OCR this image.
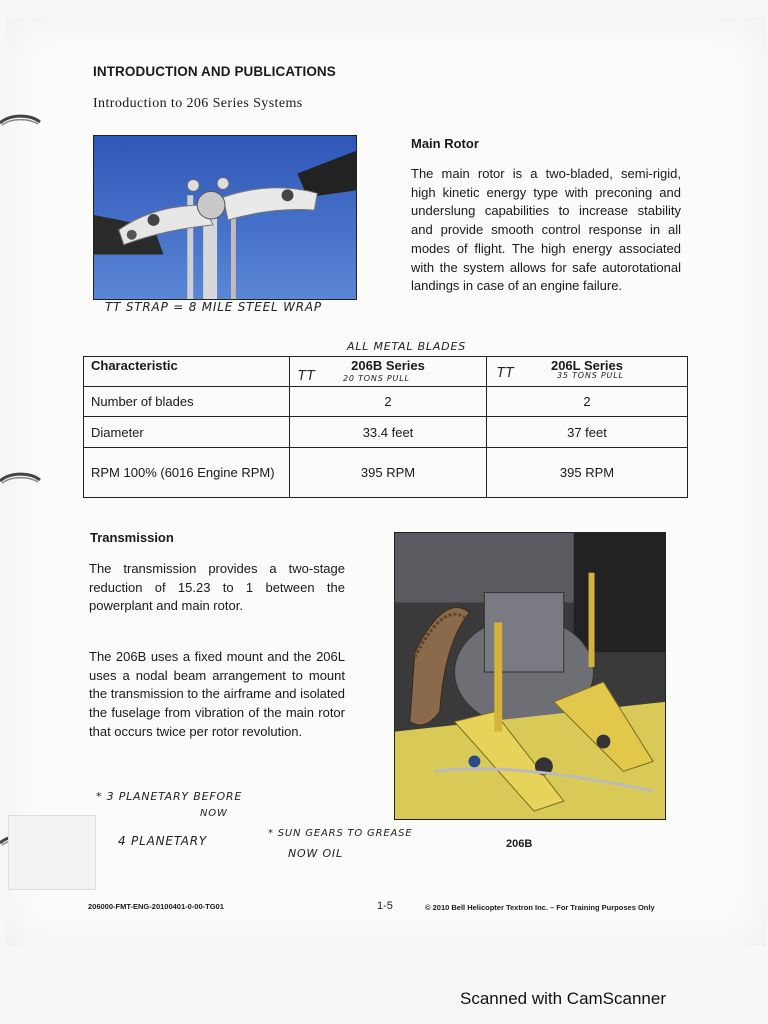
INTRODUCTION AND PUBLICATIONS
Introduction to 206 Series Systems
TT STRAP = 8 MILE STEEL WRAP
Main Rotor
The main rotor is a two-bladed, semi-rigid, high kinetic energy type with preconing and underslung capabilities to increase stability and provide smooth control response in all modes of flight. The high energy associated with the system allows for safe autorotational landings in case of an engine failure.
ALL METAL BLADES
Characteristic	206B Series	206L Series
Number of blades	2	2
Diameter	33.4 feet	37 feet
RPM 100% (6016 Engine RPM)	395 RPM	395 RPM
TT	20 TONS PULL	TT	35 TONS PULL
Transmission
The transmission provides a two-stage reduction of 15.23 to 1 between the powerplant and main rotor.
The 206B uses a fixed mount and the 206L uses a nodal beam arrangement to mount the transmission to the airframe and isolated the fuselage from vibration of the main rotor that occurs twice per rotor revolution.
206B
* 3 PLANETARY BEFORE
NOW
4 PLANETARY
* SUN GEARS TO GREASE
NOW OIL
206000-FMT-ENG-20100401-0-00-TG01	1-5	© 2010 Bell Helicopter Textron Inc. – For Training Purposes Only
Scanned with CamScanner
